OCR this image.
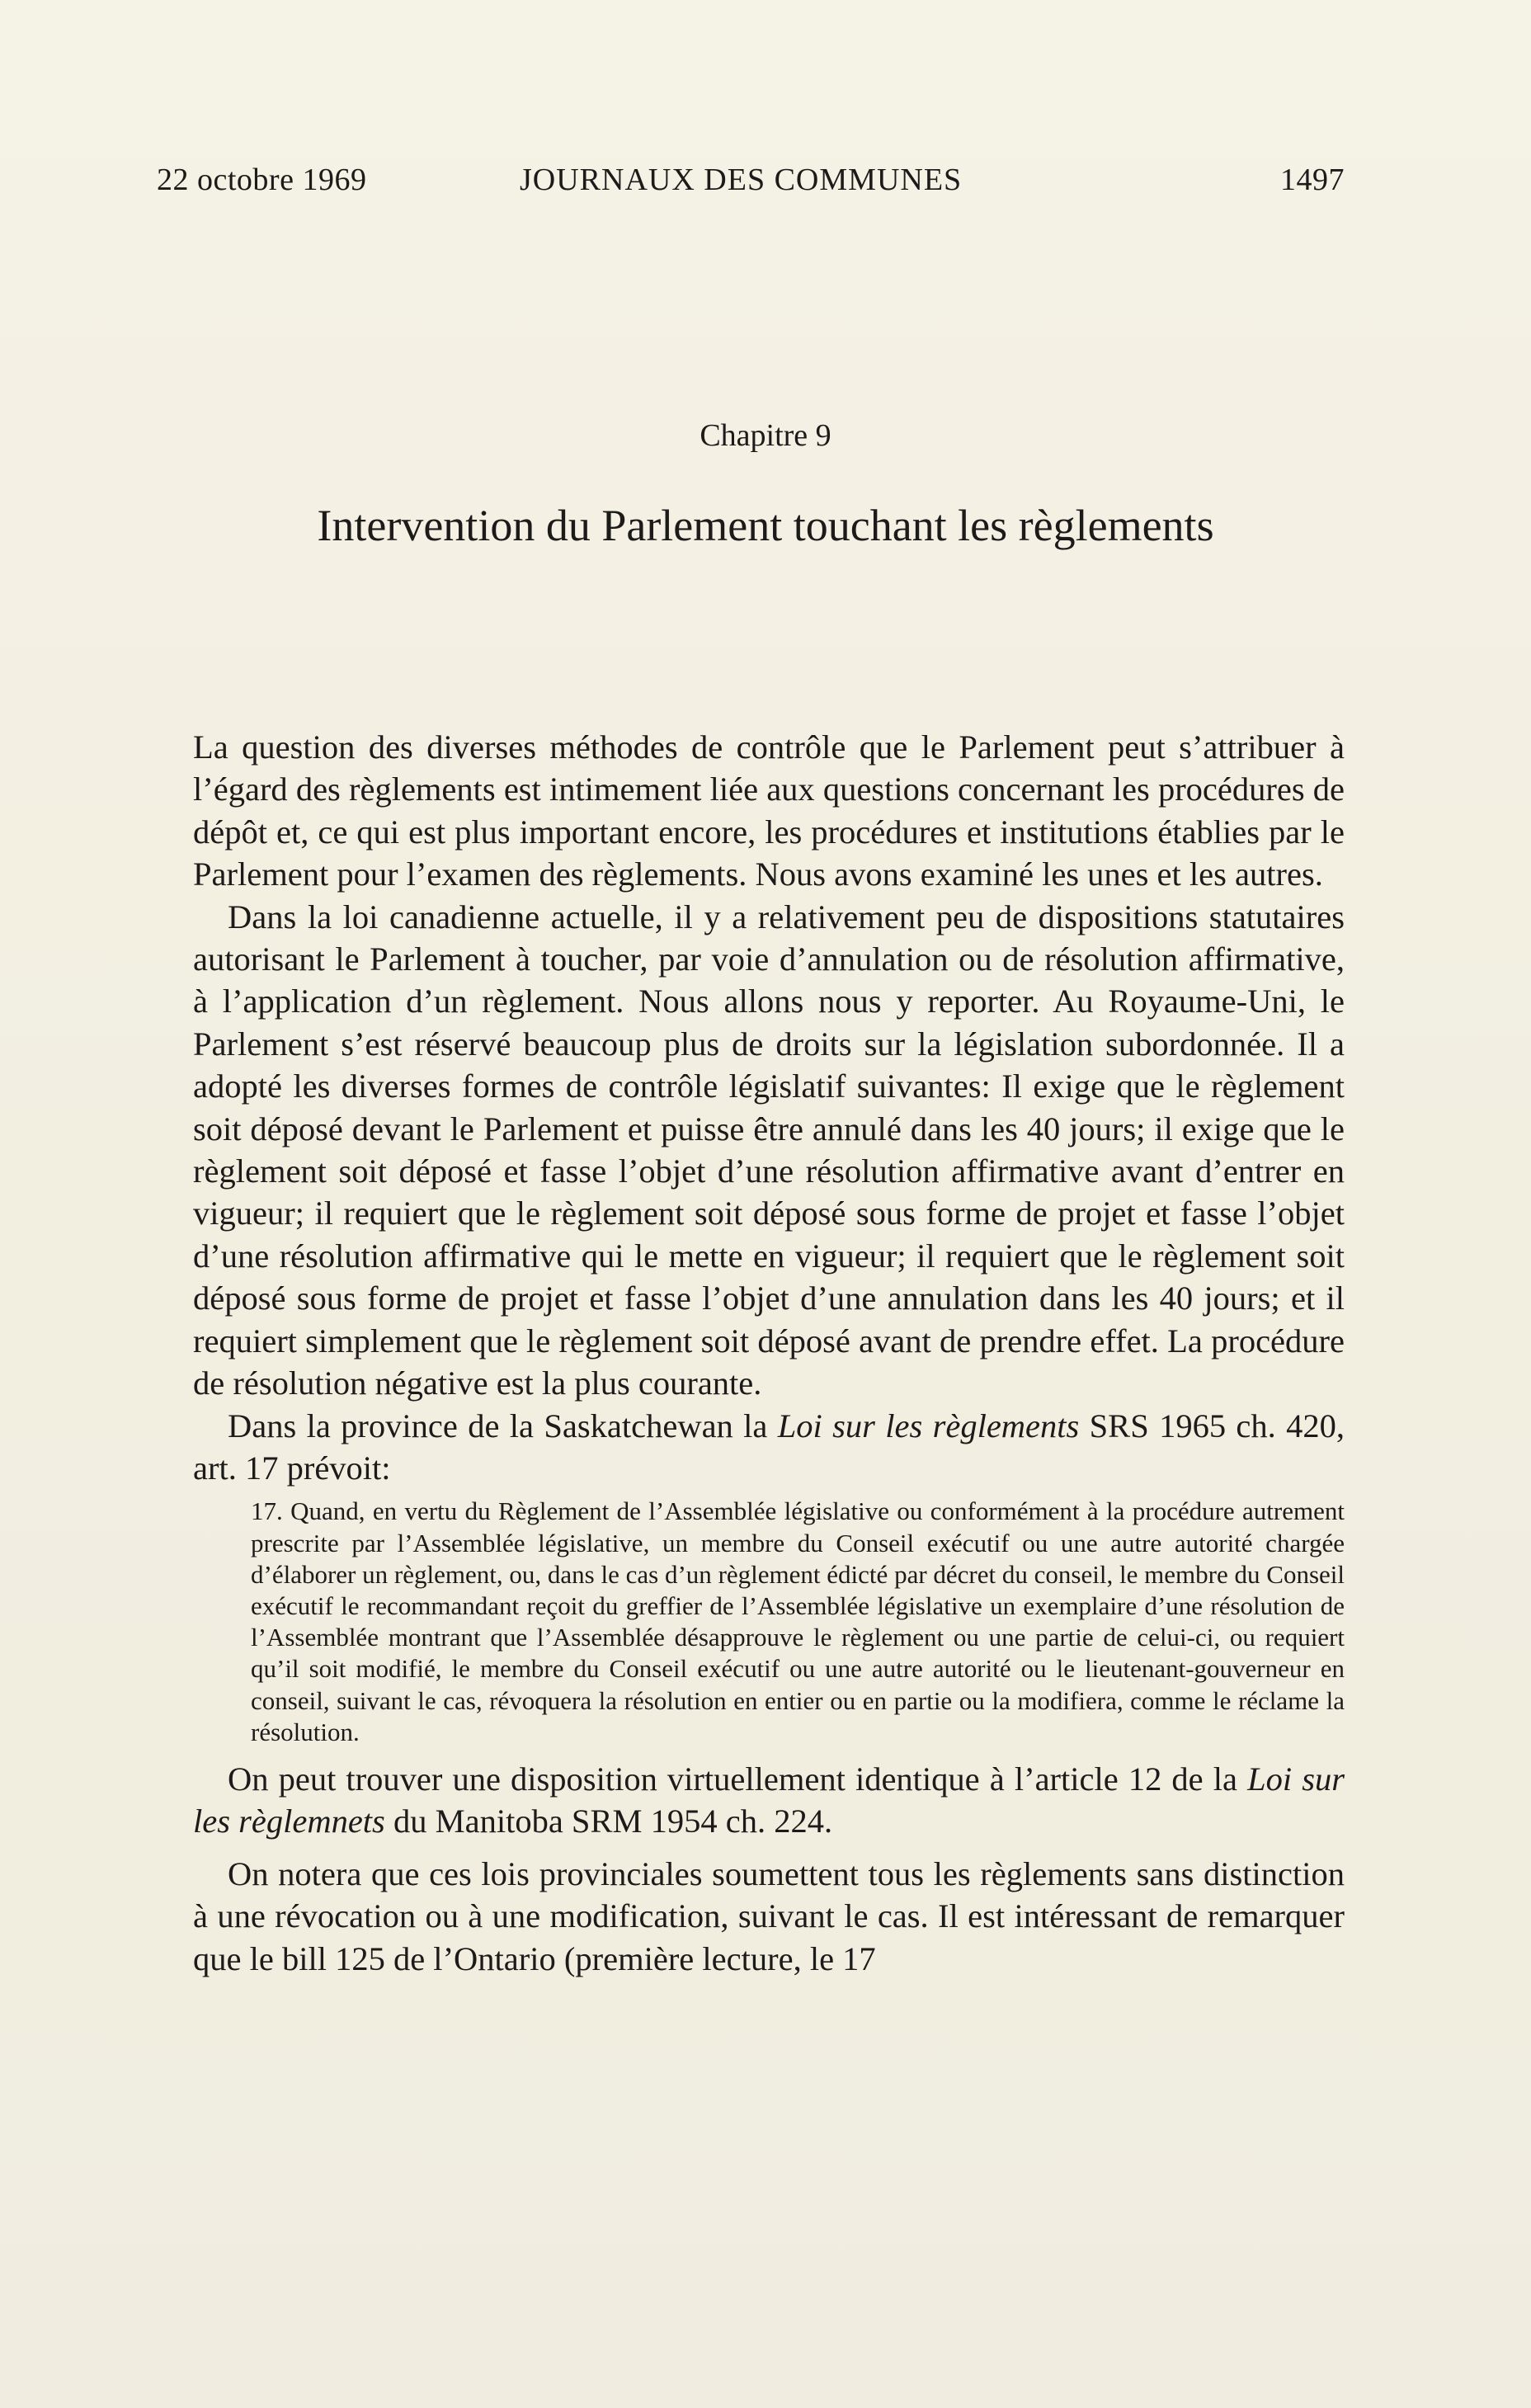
22 octobre 1969	JOURNAUX DES COMMUNES	1497
Chapitre 9
Intervention du Parlement touchant les règlements

La question des diverses méthodes de contrôle que le Parlement peut s’attribuer à l’égard des règlements est intimement liée aux questions concernant les procédures de dépôt et, ce qui est plus important encore, les procédures et institutions établies par le Parlement pour l’examen des règlements. Nous avons examiné les unes et les autres.

Dans la loi canadienne actuelle, il y a relativement peu de dispositions statutaires autorisant le Parlement à toucher, par voie d’annulation ou de résolution affirmative, à l’application d’un règlement. Nous allons nous y reporter. Au Royaume-Uni, le Parlement s’est réservé beaucoup plus de droits sur la législation subordonnée. Il a adopté les diverses formes de contrôle législatif suivantes: Il exige que le règlement soit déposé devant le Parlement et puisse être annulé dans les 40 jours; il exige que le règlement soit déposé et fasse l’objet d’une résolution affirmative avant d’entrer en vigueur; il requiert que le règlement soit déposé sous forme de projet et fasse l’objet d’une résolution affirmative qui le mette en vigueur; il requiert que le règlement soit déposé sous forme de projet et fasse l’objet d’une annulation dans les 40 jours; et il requiert simplement que le règlement soit déposé avant de prendre effet. La procédure de résolution négative est la plus courante.

Dans la province de la Saskatchewan la Loi sur les règlements SRS 1965 ch. 420, art. 17 prévoit:

17. Quand, en vertu du Règlement de l’Assemblée législative ou conformément à la procédure autrement prescrite par l’Assemblée législative, un membre du Conseil exécutif ou une autre autorité chargée d’élaborer un règlement, ou, dans le cas d’un règlement édicté par décret du conseil, le membre du Conseil exécutif le recommandant reçoit du greffier de l’Assemblée législative un exemplaire d’une résolution de l’Assemblée montrant que l’Assemblée désapprouve le règlement ou une partie de celui-ci, ou requiert qu’il soit modifié, le membre du Conseil exécutif ou une autre autorité ou le lieutenant-gouverneur en conseil, suivant le cas, révoquera la résolution en entier ou en partie ou la modifiera, comme le réclame la résolution.

On peut trouver une disposition virtuellement identique à l’article 12 de la Loi sur les règlemnets du Manitoba SRM 1954 ch. 224.

On notera que ces lois provinciales soumettent tous les règlements sans distinction à une révocation ou à une modification, suivant le cas. Il est intéressant de remarquer que le bill 125 de l’Ontario (première lecture, le 17
